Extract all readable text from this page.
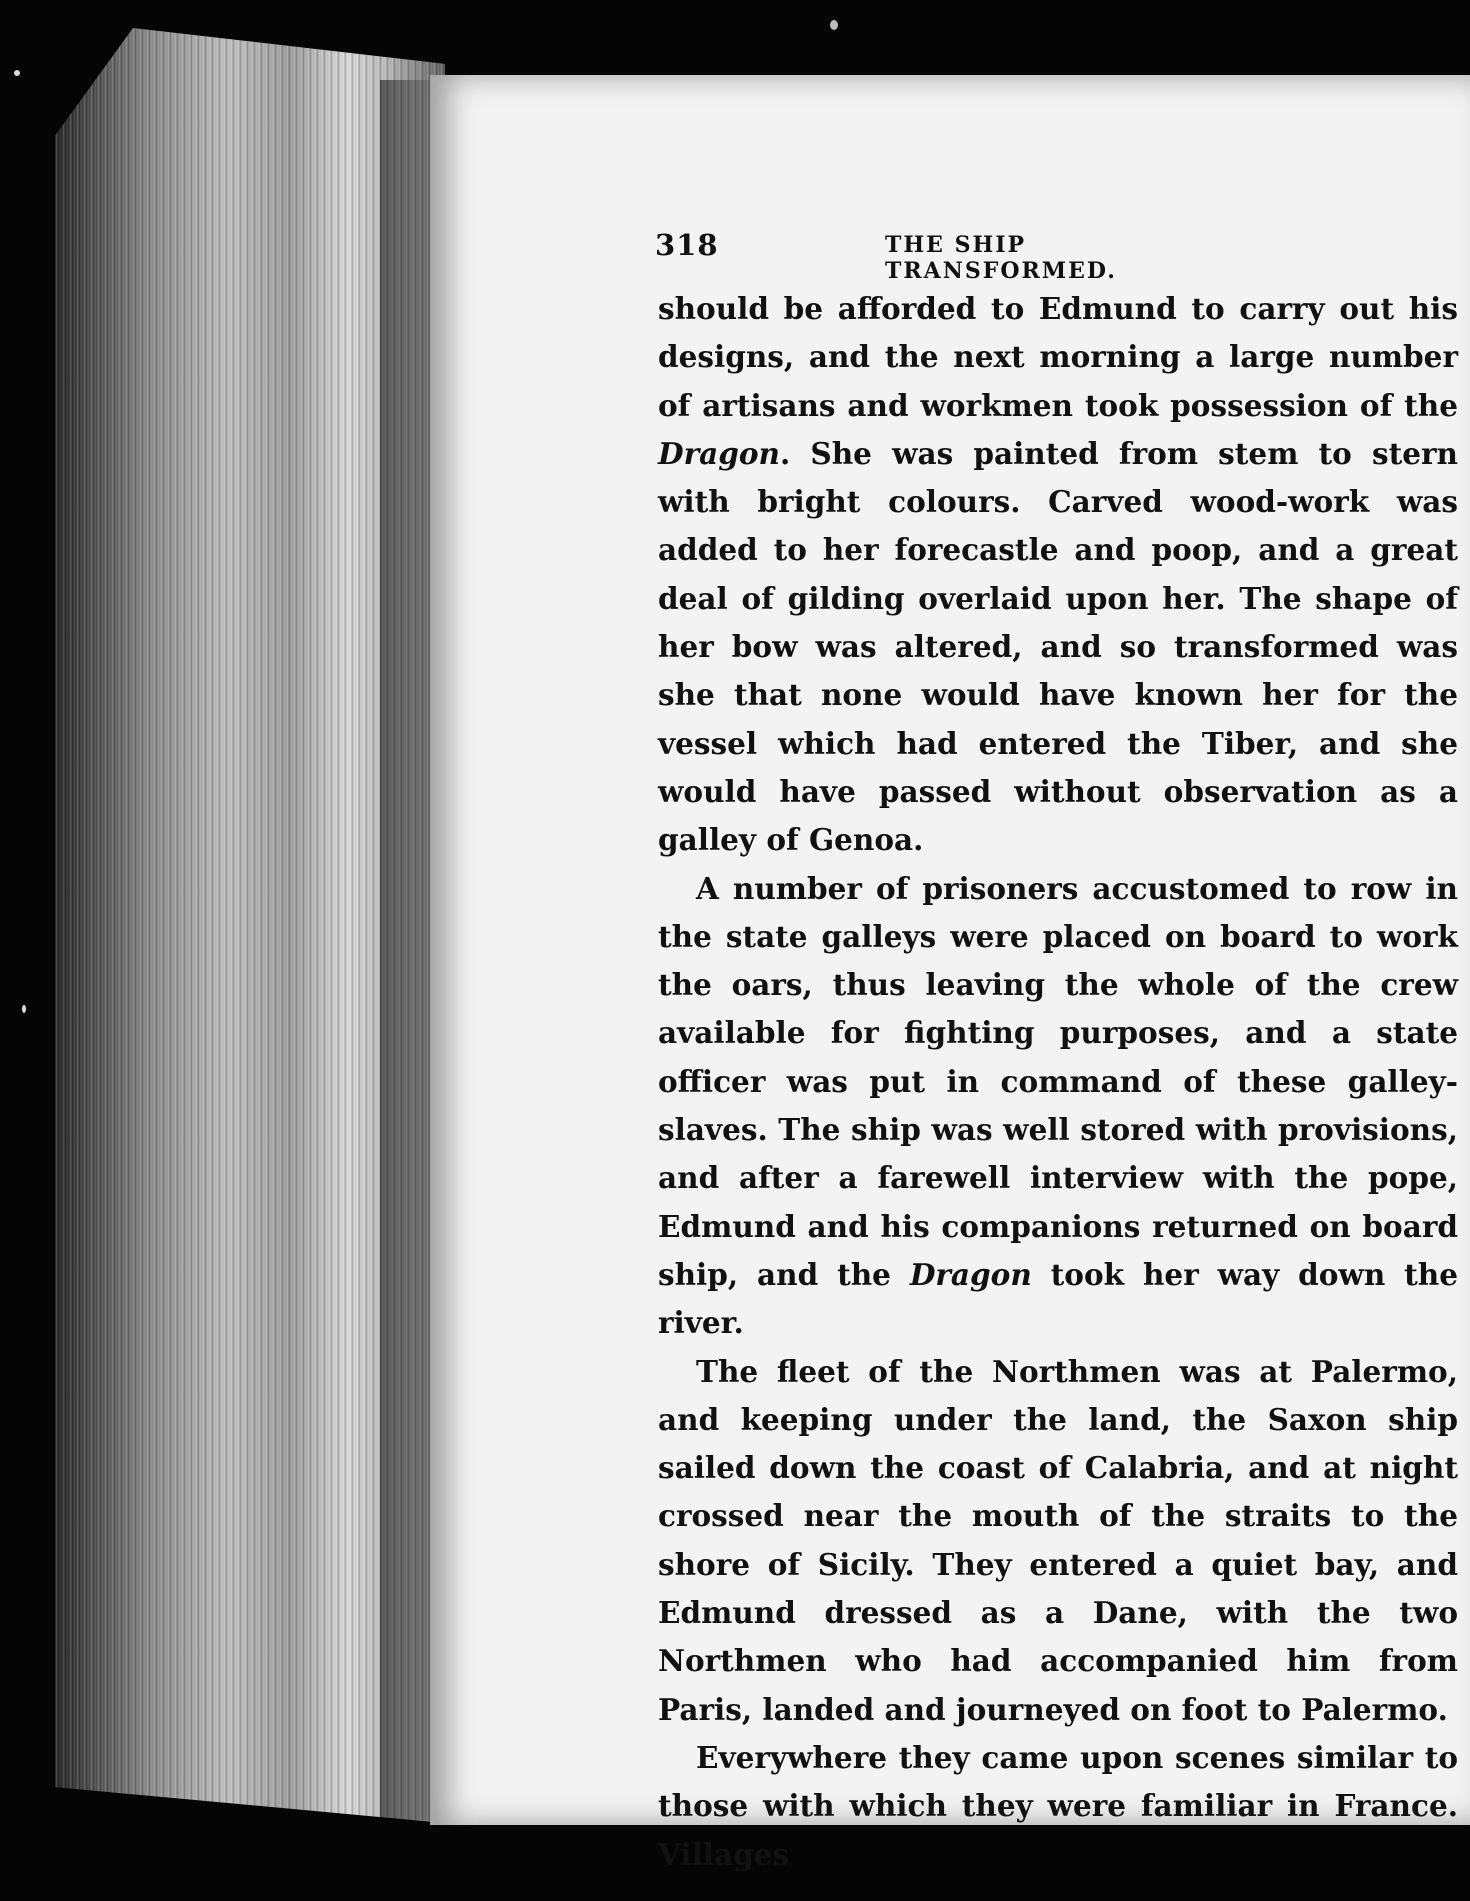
318	THE SHIP TRANSFORMED.

should be afforded to Edmund to carry out his designs, and the next morning a large number of artisans and workmen took possession of the Dragon. She was painted from stem to stern with bright colours. Carved wood-work was added to her forecastle and poop, and a great deal of gilding overlaid upon her. The shape of her bow was altered, and so transformed was she that none would have known her for the vessel which had entered the Tiber, and she would have passed without observation as a galley of Genoa.

A number of prisoners accustomed to row in the state galleys were placed on board to work the oars, thus leaving the whole of the crew available for fighting purposes, and a state officer was put in command of these galley-slaves. The ship was well stored with provisions, and after a farewell interview with the pope, Edmund and his companions returned on board ship, and the Dragon took her way down the river.

The fleet of the Northmen was at Palermo, and keeping under the land, the Saxon ship sailed down the coast of Calabria, and at night crossed near the mouth of the straits to the shore of Sicily. They entered a quiet bay, and Edmund dressed as a Dane, with the two Northmen who had accompanied him from Paris, landed and journeyed on foot to Palermo.

Everywhere they came upon scenes similar to those with which they were familiar in France. Villages
